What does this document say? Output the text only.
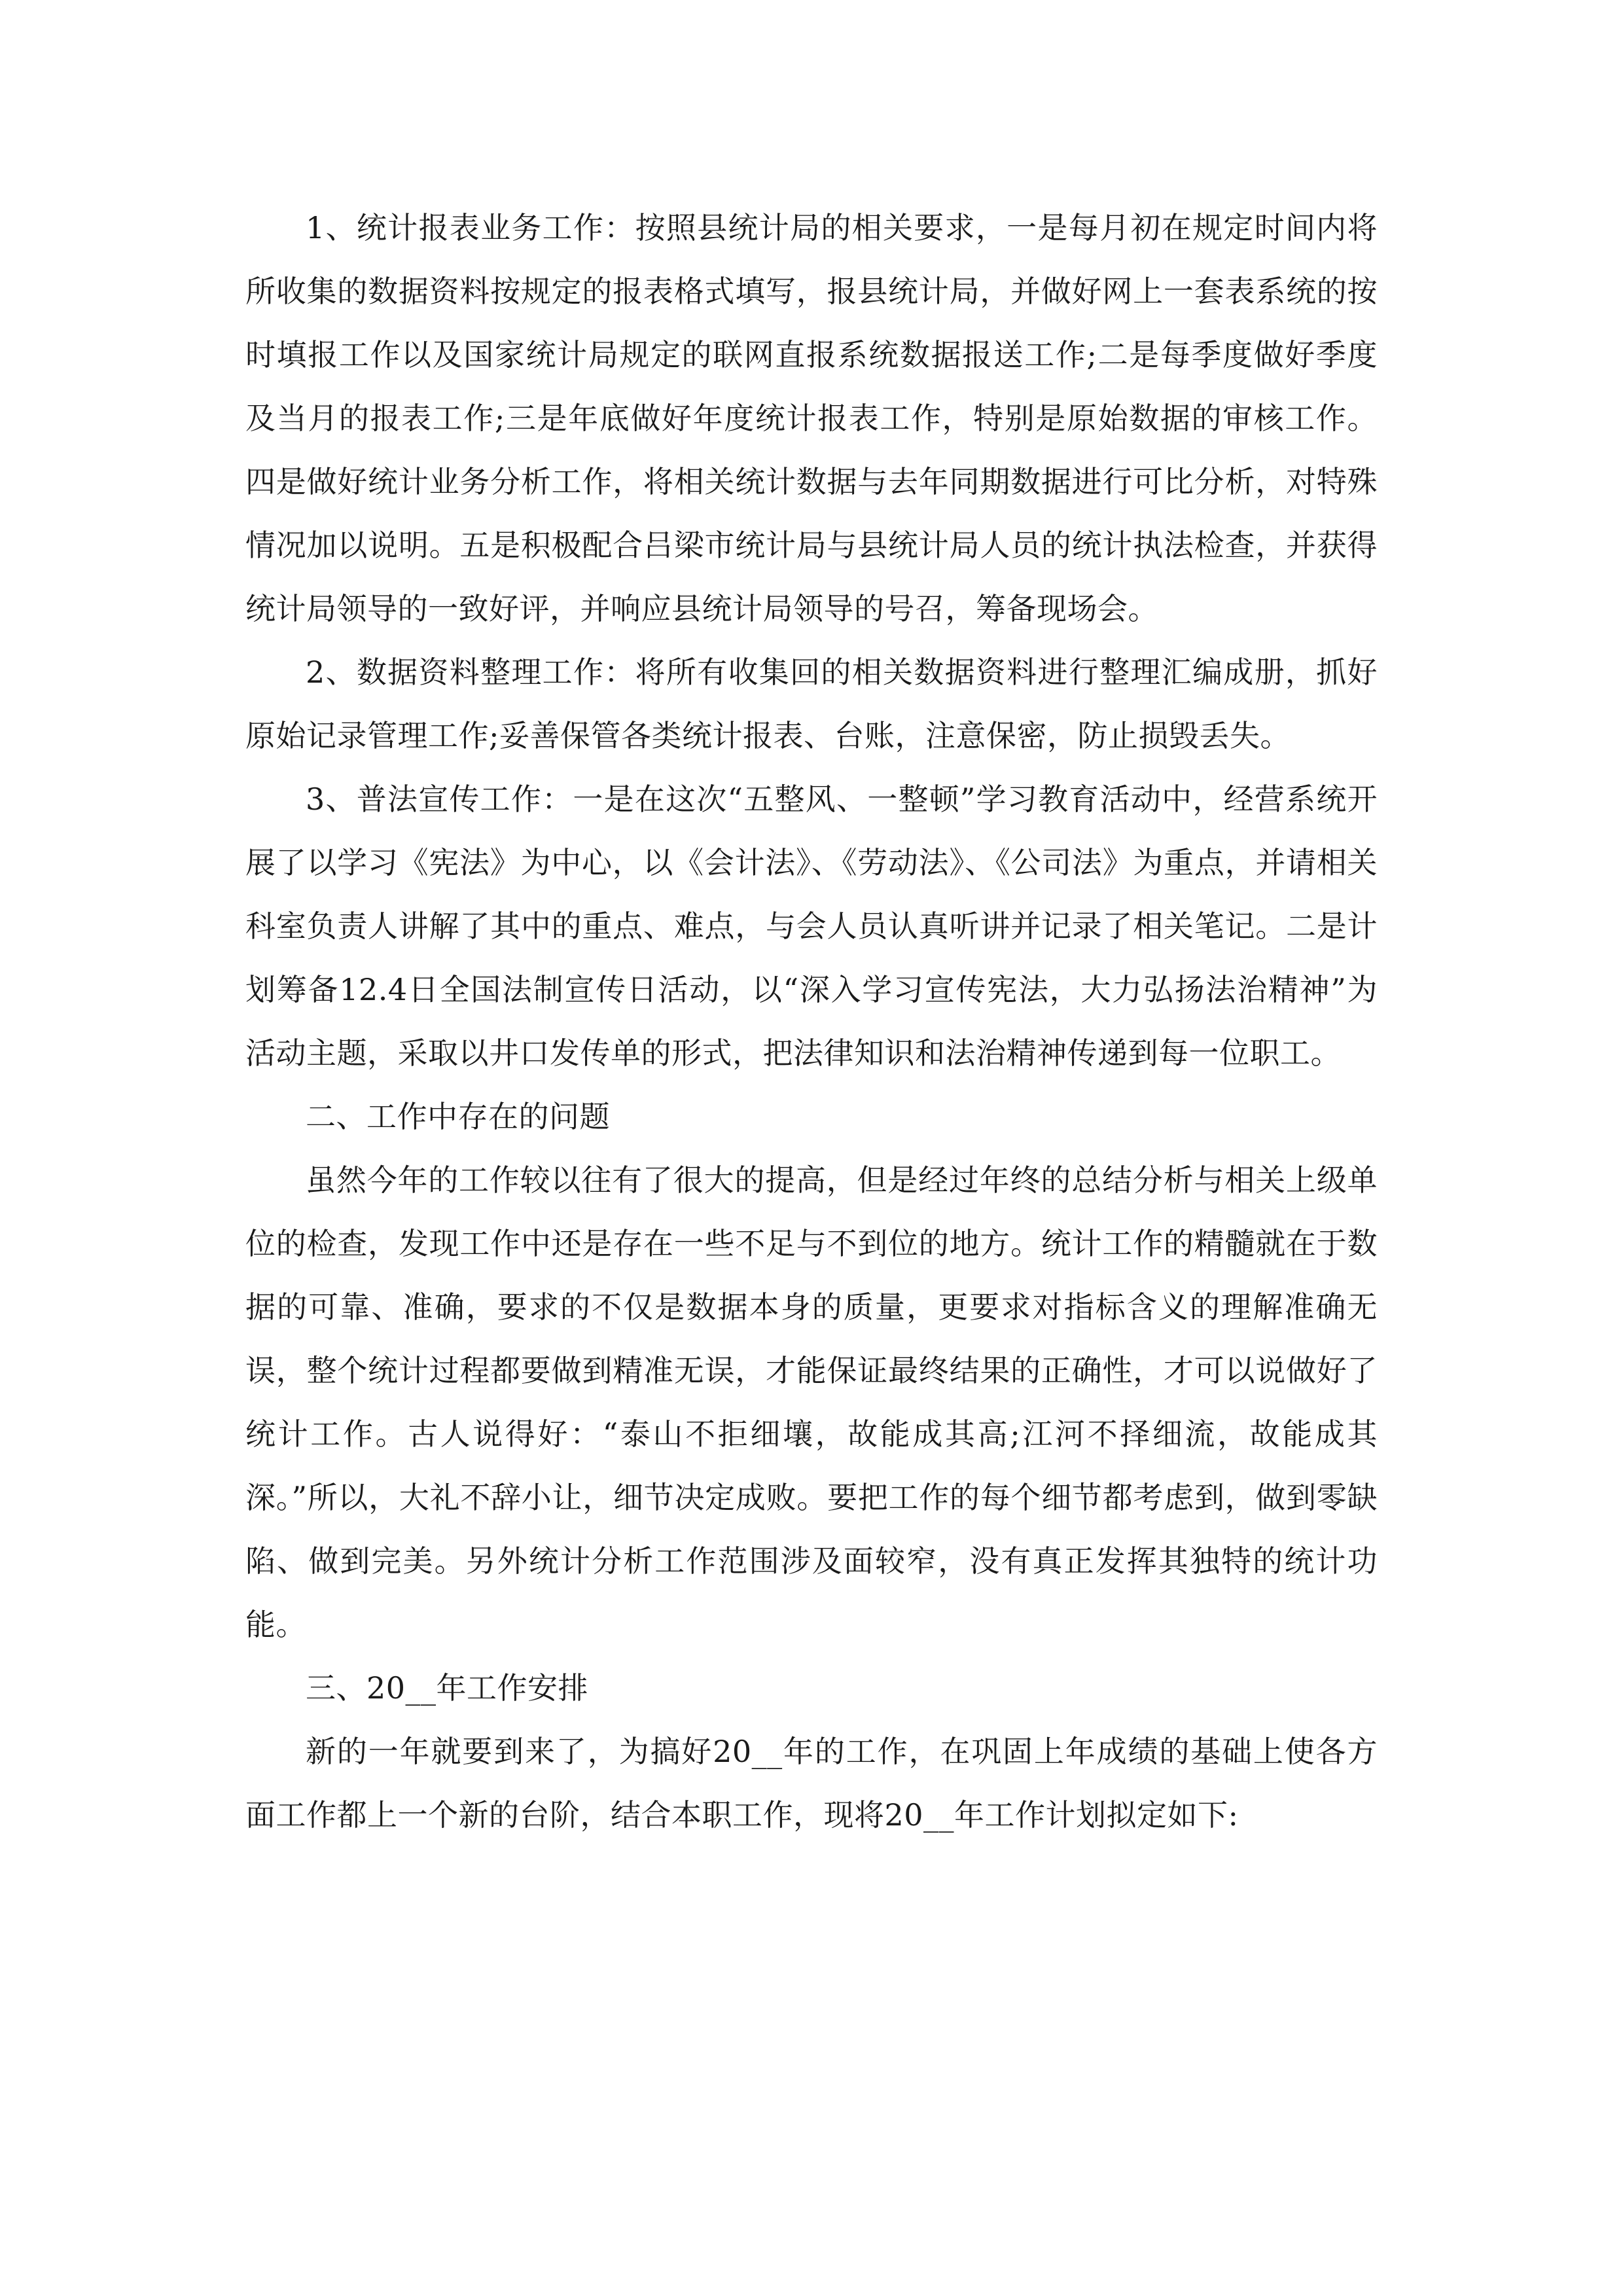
1、统计报表业务工作：按照县统计局的相关要求，一是每月初在规定时间内将所收集的数据资料按规定的报表格式填写，报县统计局，并做好网上一套表系统的按时填报工作以及国家统计局规定的联网直报系统数据报送工作;二是每季度做好季度及当月的报表工作;三是年底做好年度统计报表工作，特别是原始数据的审核工作。四是做好统计业务分析工作，将相关统计数据与去年同期数据进行可比分析，对特殊情况加以说明。五是积极配合吕梁市统计局与县统计局人员的统计执法检查，并获得统计局领导的一致好评，并响应县统计局领导的号召，筹备现场会。

2、数据资料整理工作：将所有收集回的相关数据资料进行整理汇编成册，抓好原始记录管理工作;妥善保管各类统计报表、台账，注意保密，防止损毁丢失。

3、普法宣传工作：一是在这次“五整风、一整顿”学习教育活动中，经营系统开展了以学习《宪法》为中心，以《会计法》、《劳动法》、《公司法》为重点，并请相关科室负责人讲解了其中的重点、难点，与会人员认真听讲并记录了相关笔记。二是计划筹备12.4日全国法制宣传日活动，以“深入学习宣传宪法，大力弘扬法治精神”为活动主题，采取以井口发传单的形式，把法律知识和法治精神传递到每一位职工。

二、工作中存在的问题

虽然今年的工作较以往有了很大的提高，但是经过年终的总结分析与相关上级单位的检查，发现工作中还是存在一些不足与不到位的地方。统计工作的精髓就在于数据的可靠、准确，要求的不仅是数据本身的质量，更要求对指标含义的理解准确无误，整个统计过程都要做到精准无误，才能保证最终结果的正确性，才可以说做好了统计工作。古人说得好：“泰山不拒细壤，故能成其高;江河不择细流，故能成其深。”所以，大礼不辞小让，细节决定成败。要把工作的每个细节都考虑到，做到零缺陷、做到完美。另外统计分析工作范围涉及面较窄，没有真正发挥其独特的统计功能。

三、20__年工作安排

新的一年就要到来了，为搞好20__年的工作，在巩固上年成绩的基础上使各方面工作都上一个新的台阶，结合本职工作，现将20__年工作计划拟定如下:
